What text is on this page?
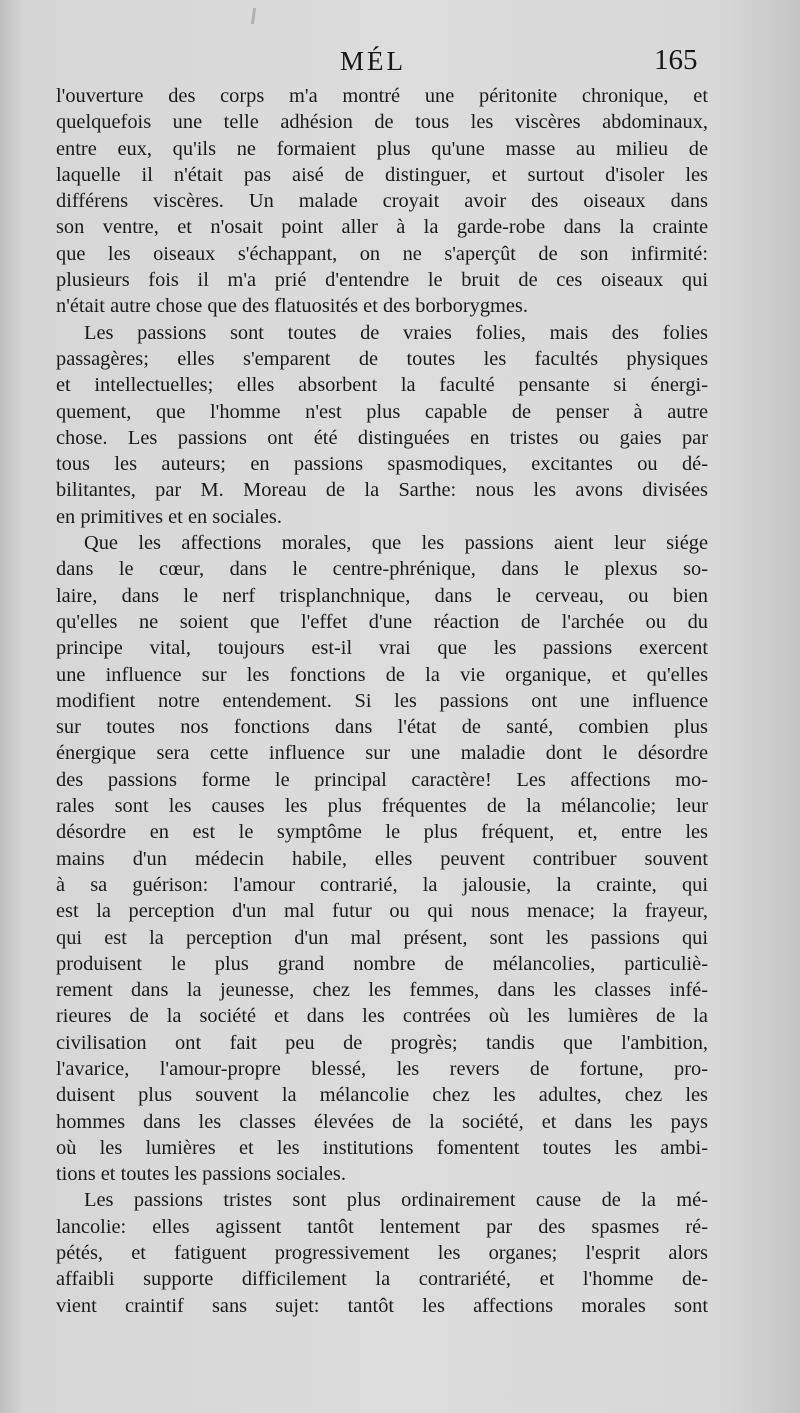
MÉL	165
l'ouverture des corps m'a montré une péritonite chronique, et
quelquefois une telle adhésion de tous les viscères abdominaux,
entre eux, qu'ils ne formaient plus qu'une masse au milieu de
laquelle il n'était pas aisé de distinguer, et surtout d'isoler les
différens viscères. Un malade croyait avoir des oiseaux dans
son ventre, et n'osait point aller à la garde-robe dans la crainte
que les oiseaux s'échappant, on ne s'aperçût de son infirmité:
plusieurs fois il m'a prié d'entendre le bruit de ces oiseaux qui
n'était autre chose que des flatuosités et des borborygmes.
Les passions sont toutes de vraies folies, mais des folies
passagères; elles s'emparent de toutes les facultés physiques
et intellectuelles; elles absorbent la faculté pensante si énergi-
quement, que l'homme n'est plus capable de penser à autre
chose. Les passions ont été distinguées en tristes ou gaies par
tous les auteurs; en passions spasmodiques, excitantes ou dé-
bilitantes, par M. Moreau de la Sarthe: nous les avons divisées
en primitives et en sociales.
Que les affections morales, que les passions aient leur siége
dans le cœur, dans le centre-phrénique, dans le plexus so-
laire, dans le nerf trisplanchnique, dans le cerveau, ou bien
qu'elles ne soient que l'effet d'une réaction de l'archée ou du
principe vital, toujours est-il vrai que les passions exercent
une influence sur les fonctions de la vie organique, et qu'elles
modifient notre entendement. Si les passions ont une influence
sur toutes nos fonctions dans l'état de santé, combien plus
énergique sera cette influence sur une maladie dont le désordre
des passions forme le principal caractère! Les affections mo-
rales sont les causes les plus fréquentes de la mélancolie; leur
désordre en est le symptôme le plus fréquent, et, entre les
mains d'un médecin habile, elles peuvent contribuer souvent
à sa guérison: l'amour contrarié, la jalousie, la crainte, qui
est la perception d'un mal futur ou qui nous menace; la frayeur,
qui est la perception d'un mal présent, sont les passions qui
produisent le plus grand nombre de mélancolies, particuliè-
rement dans la jeunesse, chez les femmes, dans les classes infé-
rieures de la société et dans les contrées où les lumières de la
civilisation ont fait peu de progrès; tandis que l'ambition,
l'avarice, l'amour-propre blessé, les revers de fortune, pro-
duisent plus souvent la mélancolie chez les adultes, chez les
hommes dans les classes élevées de la société, et dans les pays
où les lumières et les institutions fomentent toutes les ambi-
tions et toutes les passions sociales.
Les passions tristes sont plus ordinairement cause de la mé-
lancolie: elles agissent tantôt lentement par des spasmes ré-
pétés, et fatiguent progressivement les organes; l'esprit alors
affaibli supporte difficilement la contrariété, et l'homme de-
vient craintif sans sujet: tantôt les affections morales sont
